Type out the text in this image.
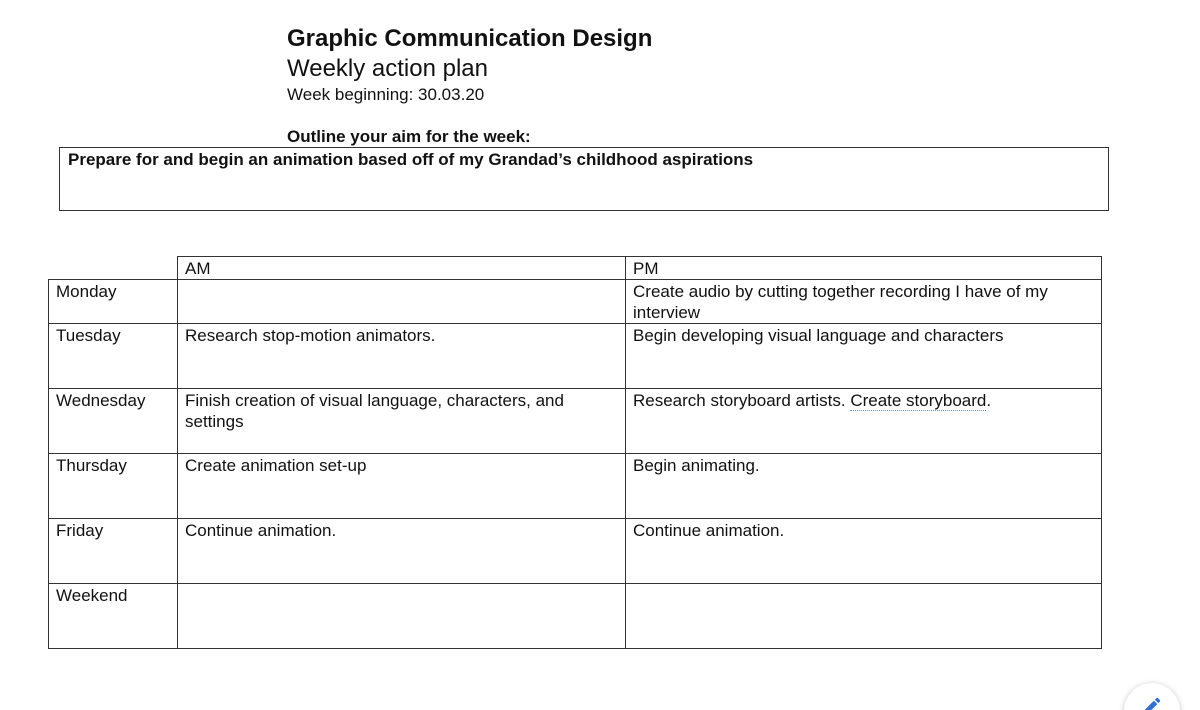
Graphic Communication Design

Weekly action plan

Week beginning: 30.03.20

Outline your aim for the week:
Prepare for and begin an animation based off of my Grandad’s childhood aspirations
	AM	PM
Monday		Create audio by cutting together recording I have of my interview
Tuesday	Research stop-motion animators.	Begin developing visual language and characters
Wednesday	Finish creation of visual language, characters, and settings	Research storyboard artists. Create storyboard.
Thursday	Create animation set-up	Begin animating.
Friday	Continue animation.	Continue animation.
Weekend		
